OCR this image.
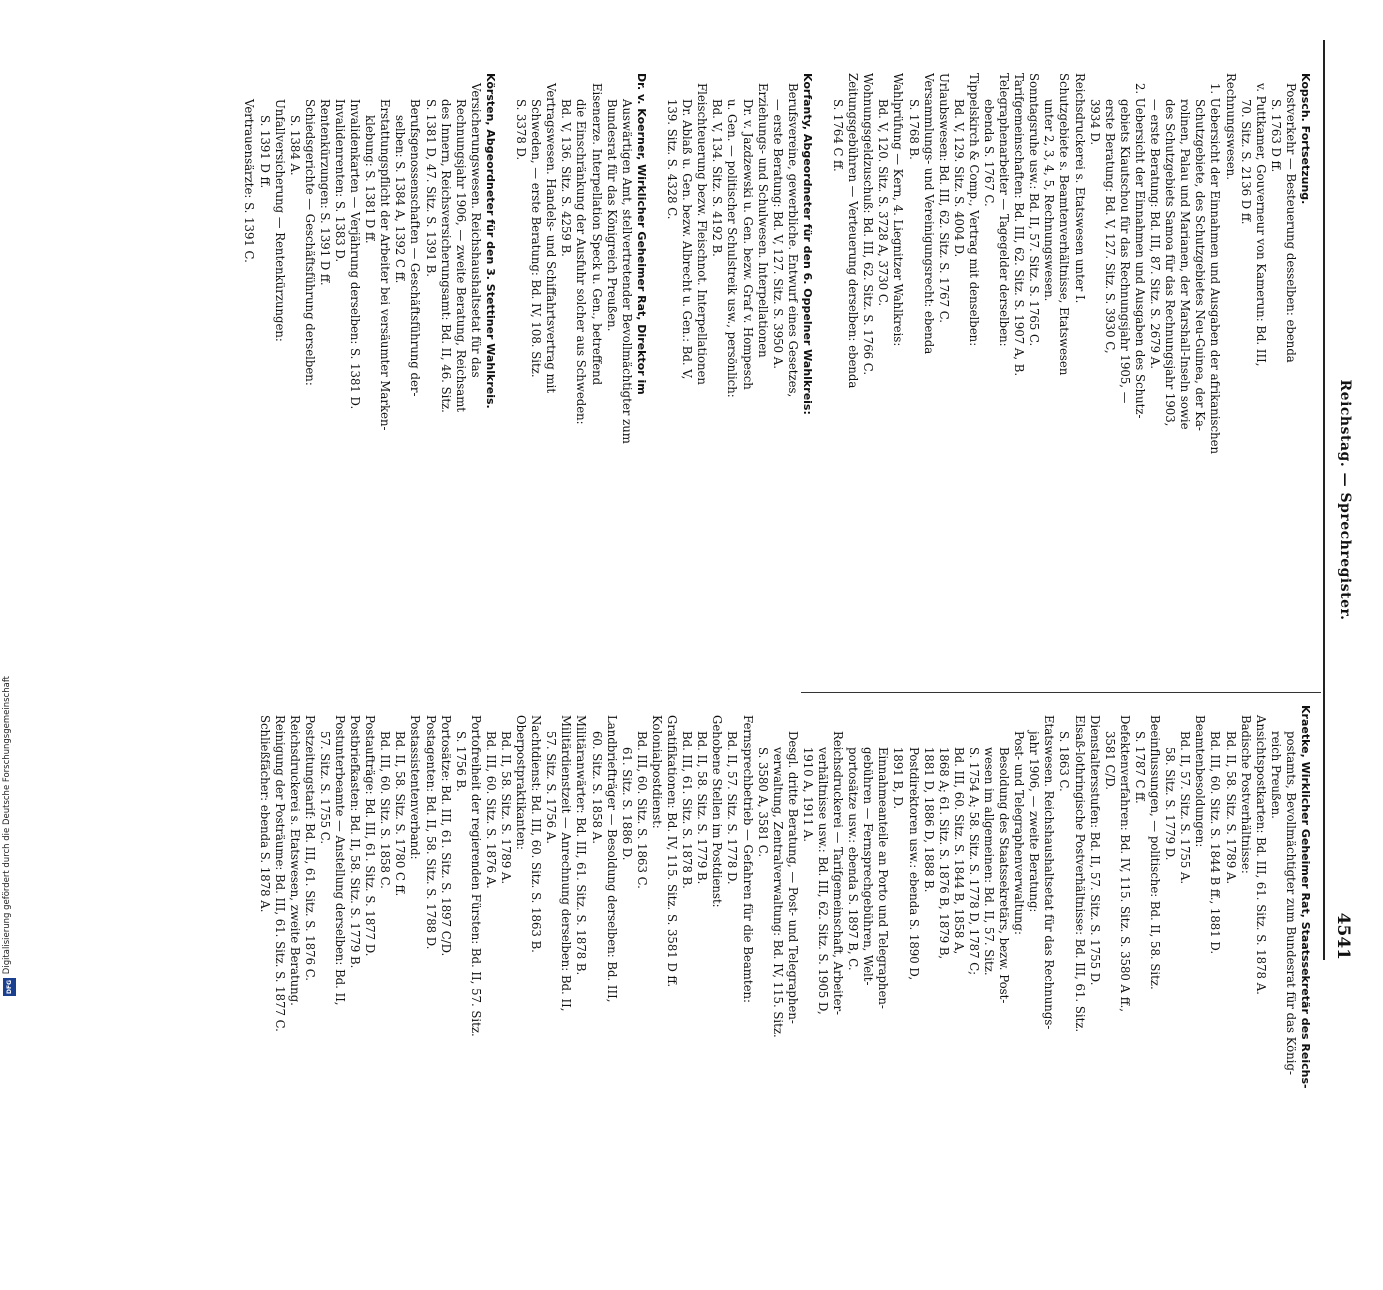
Reichstag. — Sprechregister.
4541

Kopsch. Fortsetzung.

Postverkehr — Besteuerung desselben: ebenda

S. 1763 D ff.

v. Puttkamer, Gouverneur von Kamerun: Bd. III,

70. Sitz. S. 2136 D ff.

Rechnungswesen.

1. Uebersicht der Einnahmen und Ausgaben der afrikanischen

Schutzgebiete, des Schutzgebietes Neu-Guinea, der Ka-

rolinen, Palau und Marianen, der Marshall-Inseln sowie

des Schutzgebiets Samoa für das Rechnungsjahr 1903,

— erste Beratung: Bd. III, 87. Sitz. S. 2679 A.

2. Uebersicht der Einnahmen und Ausgaben des Schutz-

gebiets Kiautschou für das Rechnungsjahr 1905, —

erste Beratung: Bd. V, 127. Sitz. S. 3930 C,

3934 D.

Reichsdruckerei s. Etatswesen unter I.

Schutzgebiete s. Beamtenverhältnisse, Etatswesen

unter 2, 3, 4, 5, Rechnungswesen.

Sonntagsruhe usw.: Bd. II, 57. Sitz. S. 1765 C.

Tarifgemeinschaften: Bd. III, 62. Sitz. S. 1907 A, B.

Telegraphenarbeiter — Tagegelder derselben:

ebenda S. 1767 C.

Tippelskirch & Comp., Vertrag mit denselben:

Bd. V, 129. Sitz. S. 4004 D.

Urlaubswesen: Bd. III, 62. Sitz. S. 1767 C.

Versammlungs- und Vereinigungsrecht: ebenda

S. 1768 B.

Wahlprüfung — Kern, 4. Liegnitzer Wahlkreis:

Bd. V, 120. Sitz. S. 3728 A, 3730 C.

Wohnungsgeldzuschuß: Bd. III, 62. Sitz. S. 1766 C.

Zeitungsgebühren — Verteuerung derselben: ebenda

S. 1764 C ff.

Korfanty, Abgeordneter für den 6. Oppelner Wahlkreis:

Berufsvereine, gewerbliche. Entwurf eines Gesetzes,

— erste Beratung: Bd. V, 127. Sitz. S. 3950 A.

Erziehungs- und Schulwesen. Interpellationen

Dr. v. Jazdzewski u. Gen. bezw. Graf v. Hompesch

u. Gen. — politischer Schulstreik usw., persönlich:

Bd. V, 134. Sitz. S. 4192 B.

Fleischteuerung bezw. Fleischnot. Interpellationen

Dr. Ablaß u. Gen. bezw. Albrecht u. Gen.: Bd. V,

139. Sitz. S. 4328 C.

Dr. v. Koerner, Wirklicher Geheimer Rat, Direktor im

Auswärtigen Amt, stellvertretender Bevollmächtigter zum

Bundesrat für das Königreich Preußen.

Eisenerze. Interpellation Speck u. Gen., betreffend

die Einschränkung der Ausfuhr solcher aus Schweden:

Bd. V, 136. Sitz. S. 4259 B.

Vertragswesen. Handels- und Schiffahrtsvertrag mit

Schweden, — erste Beratung: Bd. IV, 108. Sitz.

S. 3378 D.

Körsten, Abgeordneter für den 3. Stettiner Wahlkreis.

Versicherungswesen. Reichshaushaltsetat für das

Rechnungsjahr 1906, — zweite Beratung, Reichsamt

des Innern, Reichsversicherungsamt: Bd. II, 46. Sitz.

S. 1381 D, 47. Sitz. S. 1391 B.

Berufsgenossenschaften — Geschäftsführung der-

selben: S. 1384 A, 1392 C ff.

Erstattungspflicht der Arbeiter bei versäumter Marken-

klebung: S. 1381 D ff.

Invalidenkarten — Verjährung derselben: S. 1381 D.

Invalidenrenten: S. 1383 D.

Rentenkürzungen: S. 1391 D ff.

Schiedsgerichte — Geschäftsführung derselben:

S. 1384 A.

Unfallversicherung — Rentenkürzungen:

S. 1391 D ff.

Vertrauensärzte: S. 1391 C.

Kraetke, Wirklicher Geheimer Rat, Staatssekretär des Reichs-

postamts, Bevollmächtigter zum Bundesrat für das König-

reich Preußen.

Ansichtspostkarten: Bd. III, 61. Sitz. S. 1878 A.

Badische Postverhältnisse:

Bd. II, 58. Sitz. S. 1789 A.

Bd. III, 60. Sitz. S. 1844 B ff., 1881 D.

Beamtenbesoldungen:

Bd. II, 57. Sitz. S. 1755 A.

58. Sitz. S. 1779 D.

Beeinflussungen, — politische: Bd. II, 58. Sitz.

S. 1787 C ff.

Defektenverfahren: Bd. IV, 115. Sitz. S. 3580 A ff.,

3581 C/D.

Dienstaltersstufen: Bd. II, 57. Sitz. S. 1755 D.

Elsaß-lothringische Postverhältnisse: Bd. III, 61. Sitz.

S. 1863 C.

Etatswesen. Reichshaushaltsetat für das Rechnungs-

jahr 1906, — zweite Beratung:

Post- und Telegraphenverwaltung:

Besoldung des Staatssekretärs, bezw. Post-

wesen im allgemeinen: Bd. II, 57. Sitz.

S. 1754 A; 58. Sitz. S. 1778 D, 1787 C;

Bd. III, 60. Sitz. S. 1844 B, 1858 A,

1868 A; 61. Sitz. S. 1876 B, 1879 B,

1881 D, 1886 D, 1888 B.

Postdirektoren usw.: ebenda S. 1890 D,

1891 B, D.

Einnahmeanteile an Porto und Telegraphen-

gebühren — Fernsprechgebühren, Welt-

portosätze usw.: ebenda S. 1897 B, C.

Reichsdruckerei — Tarifgemeinschaft, Arbeiter-

verhältnisse usw.: Bd. III, 62. Sitz. S. 1905 D,

1910 A, 1911 A.

Desgl. dritte Beratung, — Post- und Telegraphen-

verwaltung, Zentralverwaltung: Bd. IV, 115. Sitz.

S. 3580 A, 3581 C.

Fernsprechbetrieb — Gefahren für die Beamten:

Bd. II, 57. Sitz. S. 1778 D.

Gehobene Stellen im Postdienst:

Bd. II, 58. Sitz. S. 1779 B.

Bd. III, 61. Sitz. S. 1878 B.

Gratifikationen: Bd. IV, 115. Sitz. S. 3581 D ff.

Kolonialpostdienst:

Bd. III, 60. Sitz. S. 1863 C.

61. Sitz. S. 1886 D.

Landbriefträger — Besoldung derselben: Bd. III,

60. Sitz. S. 1858 A.

Militäranwärter: Bd. III, 61. Sitz. S. 1878 B.

Militärdienstzeit — Anrechnung derselben: Bd. II,

57. Sitz. S. 1756 A.

Nachtdienst: Bd. III, 60. Sitz. S. 1863 B.

Oberpostpraktikanten:

Bd. II, 58. Sitz. S. 1789 A.

Bd. III, 60. Sitz. S. 1876 A.

Portofreiheit der regierenden Fürsten: Bd. II, 57. Sitz.

S. 1756 B.

Portosätze: Bd. III, 61. Sitz. S. 1897 C/D.

Postagenten: Bd. II, 58. Sitz. S. 1788 D.

Postassistentenverband:

Bd. II, 58. Sitz. S. 1780 C ff.

Bd. III, 60. Sitz. S. 1858 C.

Postaufträge: Bd. III, 61. Sitz. S. 1877 D.

Postbriefkasten: Bd. II, 58. Sitz. S. 1779 B.

Postunterbeamte — Anstellung derselben: Bd. II,

57. Sitz. S. 1755 C.

Postzeitungstarif: Bd. III, 61. Sitz. S. 1876 C.

Reichsdruckerei s. Etatswesen, zweite Beratung.

Reinigung der Posträume: Bd. III, 61. Sitz. S. 1877 C.

Schließfächer: ebenda S. 1878 A.

Digitalisierung gefördert durch die Deutsche Forschungsgemeinschaft
DFG
